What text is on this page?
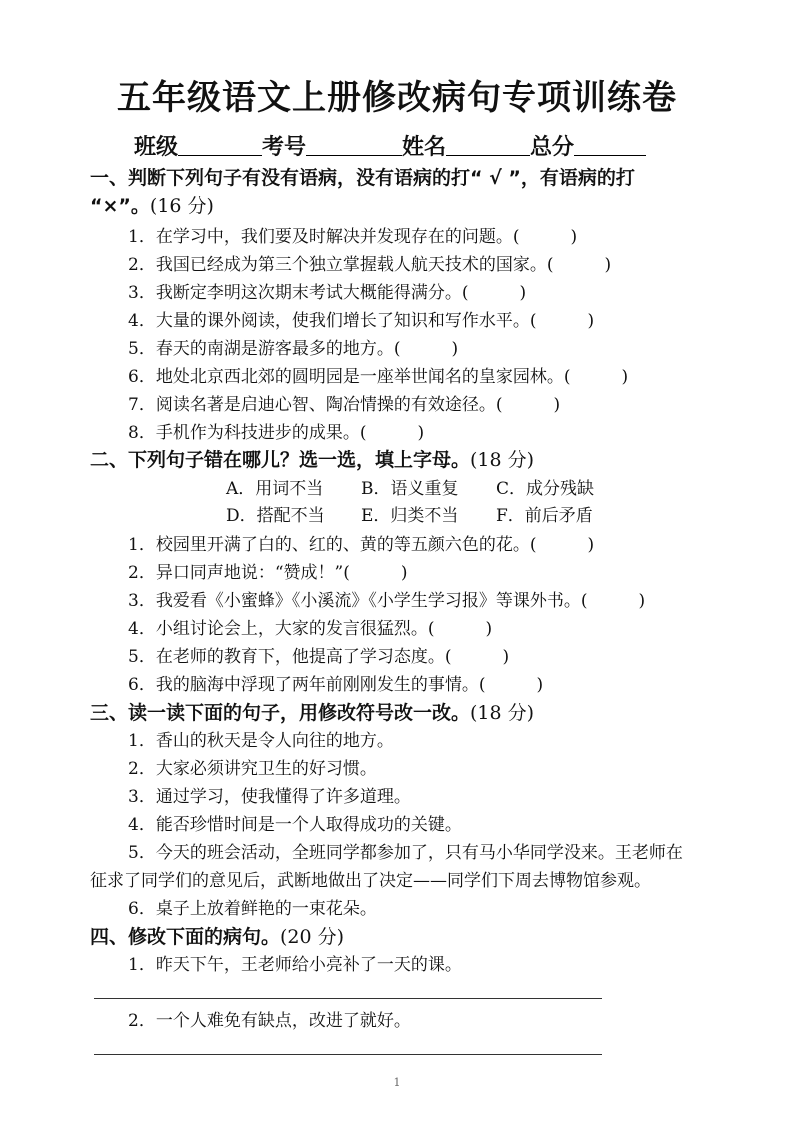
五年级语文上册修改病句专项训练卷
班级	考号	姓名	总分
一、判断下列句子有没有语病，没有语病的打“ √ ”，有语病的打
“×”。(16 分)
1．在学习中，我们要及时解决并发现存在的问题。(　　　)
2．我国已经成为第三个独立掌握载人航天技术的国家。(　　　)
3．我断定李明这次期末考试大概能得满分。(　　　)
4．大量的课外阅读，使我们增长了知识和写作水平。(　　　)
5．春天的南湖是游客最多的地方。(　　　)
6．地处北京西北郊的圆明园是一座举世闻名的皇家园林。(　　　)
7．阅读名著是启迪心智、陶冶情操的有效途径。(　　　)
8．手机作为科技进步的成果。(　　　)
二、下列句子错在哪儿？选一选，填上字母。(18 分)
A．用词不当 B．语义重复 C．成分残缺
D．搭配不当 E．归类不当 F．前后矛盾
1．校园里开满了白的、红的、黄的等五颜六色的花。(　　　)
2．异口同声地说：“赞成！”(　　　)
3．我爱看《小蜜蜂》《小溪流》《小学生学习报》等课外书。(　　　)
4．小组讨论会上，大家的发言很猛烈。(　　　)
5．在老师的教育下，他提高了学习态度。(　　　)
6．我的脑海中浮现了两年前刚刚发生的事情。(　　　)
三、读一读下面的句子，用修改符号改一改。(18 分)
1．香山的秋天是令人向往的地方。
2．大家必须讲究卫生的好习惯。
3．通过学习，使我懂得了许多道理。
4．能否珍惜时间是一个人取得成功的关键。
5．今天的班会活动，全班同学都参加了，只有马小华同学没来。王老师在
征求了同学们的意见后，武断地做出了决定——同学们下周去博物馆参观。
6．桌子上放着鲜艳的一束花朵。
四、修改下面的病句。(20 分)
1．昨天下午，王老师给小亮补了一天的课。
2．一个人难免有缺点，改进了就好。
1
